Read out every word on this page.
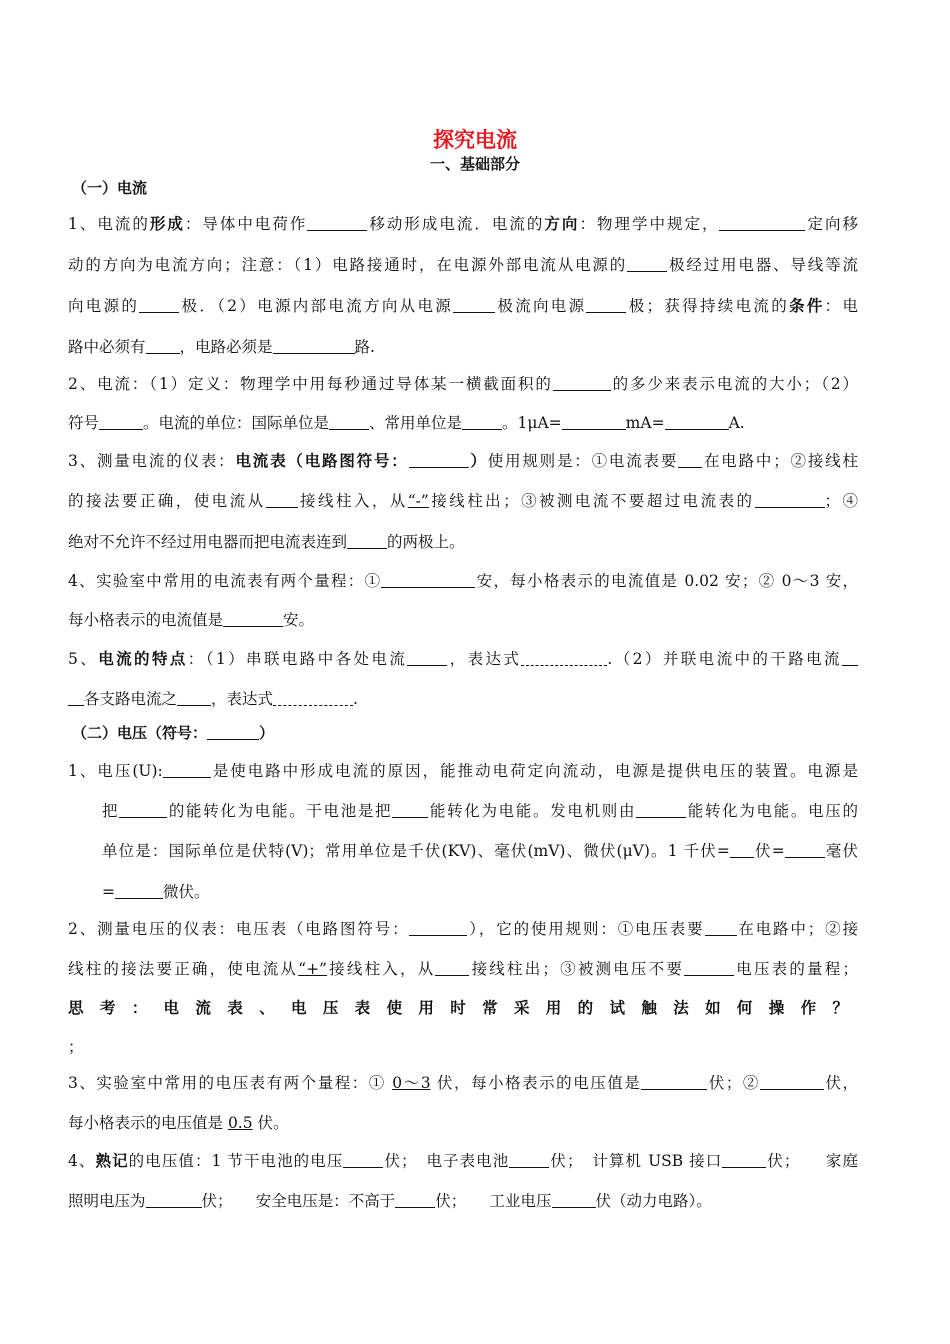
探究电流
一、基础部分
（一）电流
1、电流的形成：导体中电荷作	移动形成电流．电流的方向：物理学中规定，	定向移
动的方向为电流方向；注意：（1）电路接通时，在电源外部电流从电源的	极经过用电器、导线等流
向电源的	极．（2）电源内部电流方向从电源	极流向电源	极；获得持续电流的条件：电
路中必须有 ，电路必须是	路.
2、电流：（1）定义：物理学中用每秒通过导体某一横截面积的	的多少来表示电流的大小；（2）
符号	。电流的单位：国际单位是	、常用单位是	。1μA=	mA=	A.
3、测量电流的仪表：电流表（电路图符号：	）使用规则是：①电流表要 在电路中；②接线柱
的接法要正确，使电流从 接线柱入，从“-”接线柱出；③被测电流不要超过电流表的	；④
绝对不允许不经过用电器而把电流表连到	的两极上。
4、实验室中常用的电流表有两个量程：①	安，每小格表示的电流值是 0.02 安；② 0～3 安，
每小格表示的电流值是	安。
5、电流的特点：（1）串联电路中各处电流	，表达式	.（2）并联电流中的干路电流
各支路电流之 ，表达式	.
（二）电压（符号：	）
1、电压(U):	是使电路中形成电流的原因，能推动电荷定向流动，电源是提供电压的装置。电源是
把	的能转化为电能。干电池是把 能转化为电能。发电机则由	能转化为电能。电压的
单位是：国际单位是伏特(V)；常用单位是千伏(KV)、毫伏(mV)、微伏(μV)。1 千伏= 伏=	毫伏
=	微伏。
2、测量电压的仪表：电压表（电路图符号：	），它的使用规则：①电压表要 在电路中；②接
线柱的接法要正确，使电流从“+”接线柱入，从 接线柱出；③被测电压不要	电压表的量程；
思考：电流表、电压表使用时常采用的试触法如何操作？
；
3、实验室中常用的电压表有两个量程：① 0～3 伏，每小格表示的电压值是	伏；②	伏，
每小格表示的电压值是 0.5 伏。
4、熟记的电压值：1 节干电池的电压	伏；　电子表电池	伏；　计算机 USB 接口	伏；　　家庭
照明电压为	伏；　　安全电压是：不高于	伏；　　工业电压	伏（动力电路）。
